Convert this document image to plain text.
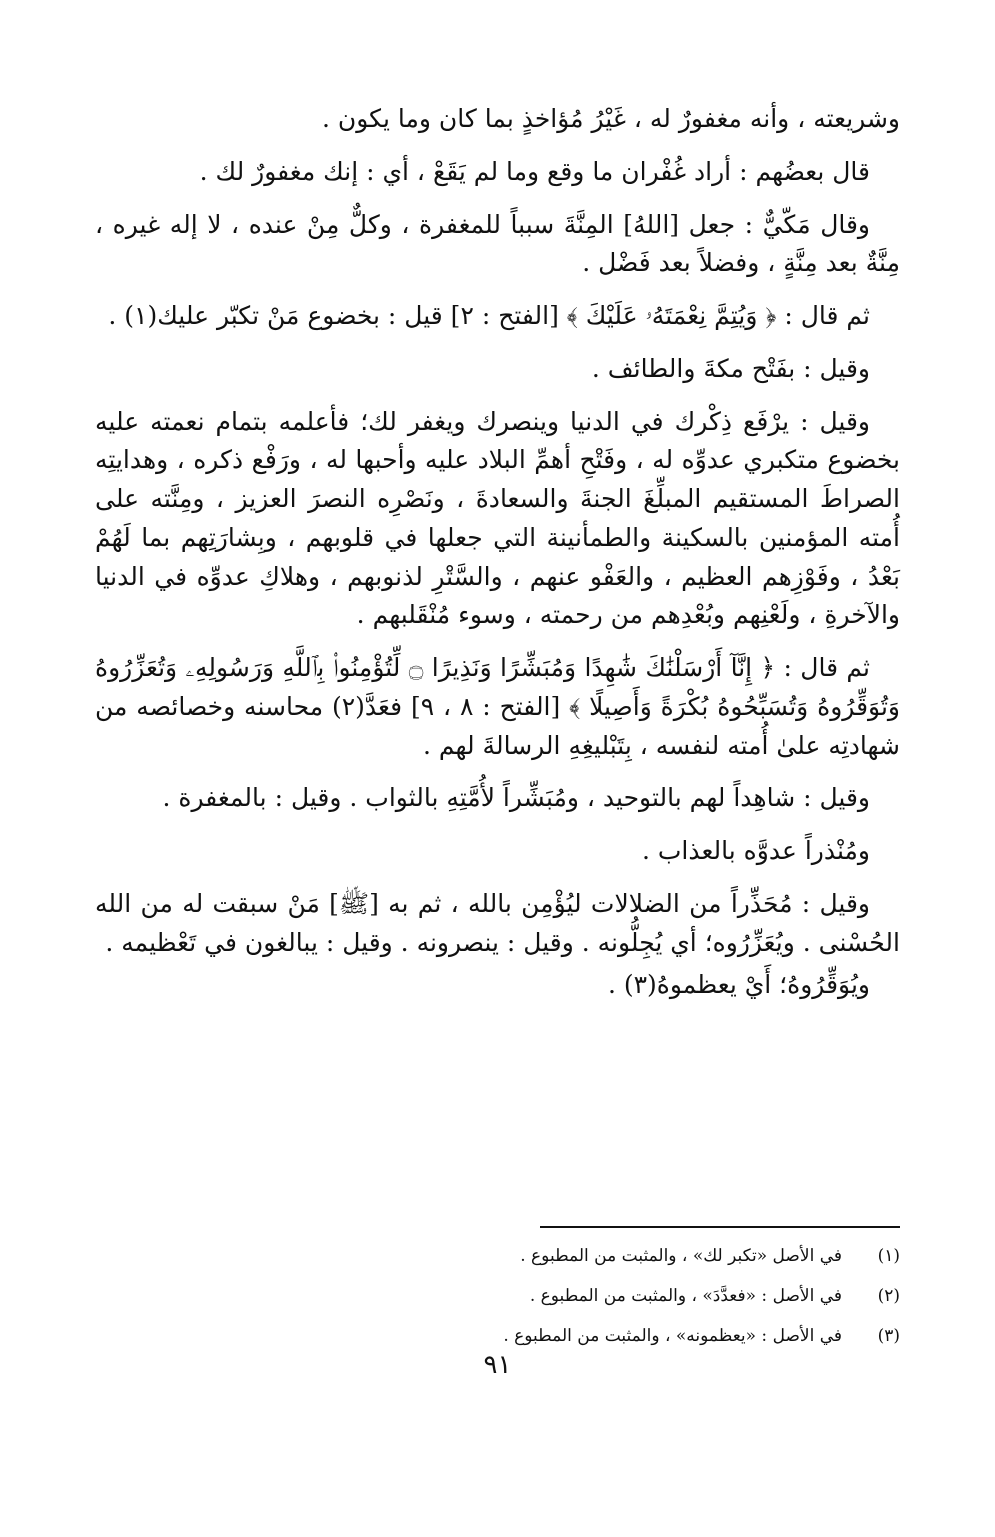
وشريعته ، وأنه مغفورٌ له ، غَيْرُ مُؤاخذٍ بما كان وما يكون .

قال بعضُهم : أراد غُفْران ما وقع وما لم يَقَعْ ، أي : إنك مغفورٌ لك .

وقال مَكّيٌّ : جعل [اللهُ] المِنَّةَ سبباً للمغفرة ، وكلٌّ مِنْ عنده ، لا إله غيره ، مِنَّةٌ بعد مِنَّةٍ ، وفضلاً بعد فَضْل .

ثم قال : ﴿ وَيُتِمَّ نِعْمَتَهُۥ عَلَيْكَ ﴾ [الفتح : ٢] قيل : بخضوع مَنْ تكبّر عليك(١) .

وقيل : بفَتْح مكةَ والطائف .

وقيل : يرْفَع ذِكْرك في الدنيا وينصرك ويغفر لك؛ فأعلمه بتمام نعمته عليه بخضوع متكبري عدوِّه له ، وفَتْحِ أهمِّ البلاد عليه وأحبها له ، ورَفْع ذكره ، وهدايتِه الصراطَ المستقيم المبلِّغَ الجنةَ والسعادةَ ، ونَصْرِه النصرَ العزيز ، ومِنَّته على أُمته المؤمنين بالسكينة والطمأنينة التي جعلها في قلوبهم ، وبِشارَتِهم بما لَهُمْ بَعْدُ ، وفَوْزِهم العظيم ، والعَفْو عنهم ، والسَّتْرِ لذنوبهم ، وهلاكِ عدوِّه في الدنيا والآخرةِ ، ولَعْنِهم وبُعْدِهم من رحمته ، وسوء مُنْقَلبهم .

ثم قال : ﴿ إِنَّآ أَرْسَلْنَٰكَ شَٰهِدًا وَمُبَشِّرًا وَنَذِيرًا ۝ لِّتُؤْمِنُوا۟ بِٱللَّهِ وَرَسُولِهِۦ وَتُعَزِّرُوهُ وَتُوَقِّرُوهُ وَتُسَبِّحُوهُ بُكْرَةً وَأَصِيلًا ﴾ [الفتح : ٨ ، ٩] فعَدَّ(٢) محاسنه وخصائصه من شهادتِه علىٰ أُمته لنفسه ، بِتَبْليغِهِ الرسالةَ لهم .

وقيل : شاهِداً لهم بالتوحيد ، ومُبَشِّراً لأُمَّتِهِ بالثواب . وقيل : بالمغفرة .

ومُنْذراً عدوَّه بالعذاب .

وقيل : مُحَذِّراً من الضلالات ليُؤْمِن بالله ، ثم به [ﷺ] مَنْ سبقت له من الله الحُسْنى . ويُعَزِّرُوه؛ أي يُجِلُّونه . وقيل : ينصرونه . وقيل : يبالغون في تَعْظيمه .

ويُوَقِّرُوهُ؛ أَيْ يعظموهُ(٣) .

(١)
في الأصل «تكبر لك» ، والمثبت من المطبوع .
(٢)
في الأصل : «فعدَّدَ» ، والمثبت من المطبوع .
(٣)
في الأصل : «يعظمونه» ، والمثبت من المطبوع .
٩١
